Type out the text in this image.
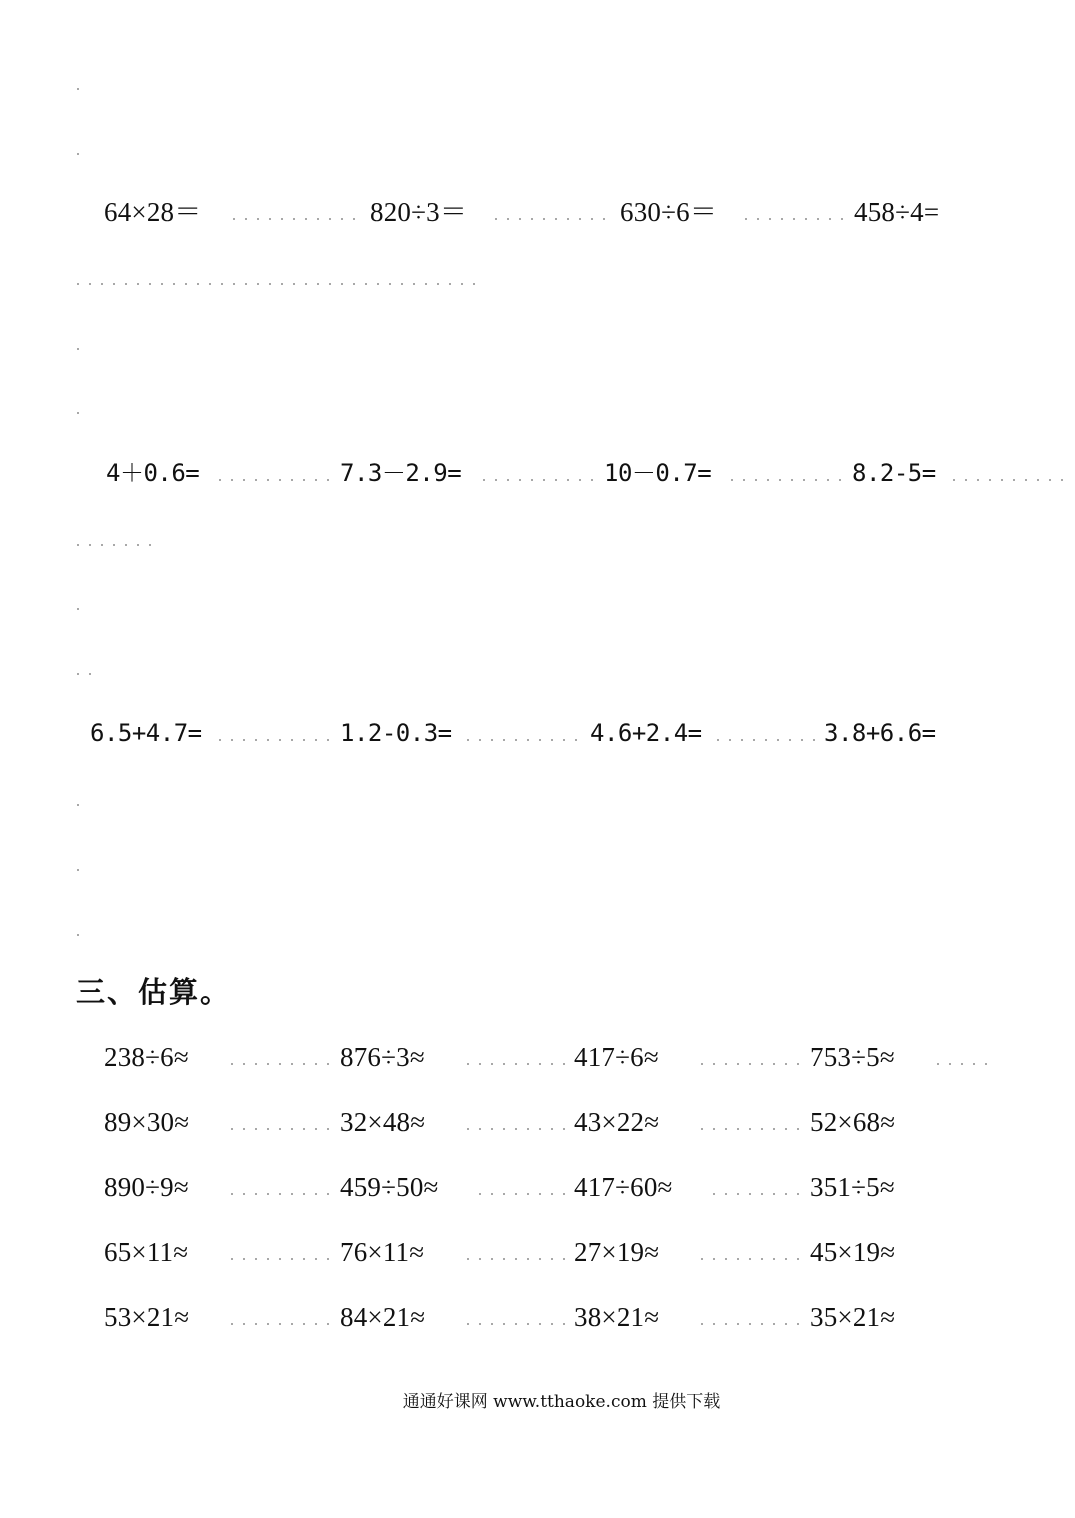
64×28＝	820÷3＝	630÷6＝	458÷4=
4＋0.6=	7.3－2.9=	10－0.7=	8.2-5=
6.5+4.7=	1.2-0.3=	4.6+2.4=	3.8+6.6=
三、估算。
238÷6≈	876÷3≈	417÷6≈	753÷5≈
89×30≈	32×48≈	43×22≈	52×68≈
890÷9≈	459÷50≈	417÷60≈	351÷5≈
65×11≈	76×11≈	27×19≈	45×19≈
53×21≈	84×21≈	38×21≈	35×21≈
通通好课网 www.tthaoke.com 提供下载
